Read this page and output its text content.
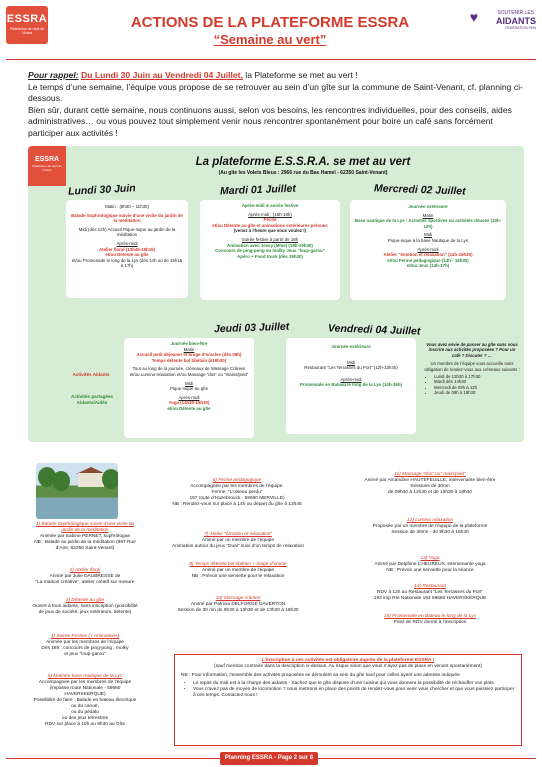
ESSRA
Plateforme de répit de l'Artois
ACTIONS DE LA PLATEFORME ESSRA
“Semaine au vert”
♥	SOUTENIR LES
AIDANTS
FÉDÉRATION PHN

Pour rappel: Du Lundi 30 Juin au Vendredi 04 Juillet, la Plateforme se met au vert !

Le temps d’une semaine, l’équipe vous propose de se retrouver au sein d’un gîte sur la commune de Saint-Venant, cf. planning ci-dessous.

Bien sûr, durant cette semaine, nous continuons aussi, selon vos besoins, les rencontres individuelles, pour des conseils, aides administratives… ou vous pouvez tout simplement venir nous rencontrer spontanément pour boire un café sans forcément participer aux activités !

ESSRA
Plateforme de répit de l'Artois
La plateforme E.S.S.R.A. se met au vert
(Au gîte les Volets Bleus : 2966 rue du Bas Hamel - 62350 Saint-Venant)
Lundi 30 Juin

Matin : (9h30 – 11h30)

Balade Sophrologique suivie d’une visite du jardin de la méditation

Midi (dès 12h) Accueil Pique-nique au jardin de la méditation

Après-midi

Atelier floral (13h45-15h15)

et/ou Détente au gîte

et/ou Promenade le long de la Lys (dès 14h ou de 15h15 à 17h)

Mardi 01 Juillet

Après-midi & soirée festive

Après-midi : (15h-18h)

Pêche

et/ou Détente au gîte et animations extérieures prévues

(venez à l'heure que vous voulez !)

Soirée festive à partir de 18h

Animation avec Jessy (Mme) (18h-19h30)

Concours de ping-pong ou molky Jeux “loup-garou”

Apéro + Food truck (dès 19h30)

Mercredi 02 Juillet

Journée extérieure

Matin

Base nautique de la Lys : Activités sportives ou activités douces (10h-12h)

Midi

Pique-nique à la base Nautique de la Lys

Après-midi

Atelier “émotion et relaxation” (14h-15h30)

et/ou Ferme pédagogique (14h - 15h30)

et/ou Jeux (14h-17h)

Activités Aidants
Activités partagées Aidants/Aidés
Jeudi 03 Juillet

Journée bien-être

Matin

Accueil petit déjeuner et tirage d’oracles (dès 09h)

Temps détente bol tibétain (à10h30)

Tout au long de la journée, créneaux de Massage Crânien et/ou Lumino-relaxation et/ou Massage “dos” ou “mains/pied”

Midi

Pique-nique au gîte

Après-midi

Yoga (14h30-15h30)

et/ou Détente au gîte

Vendredi 04 Juillet

Journée extérieure

Midi

Restaurant “Les Terrasses du Port” (12h-13h45)

Après-midi

Promenade en Bateau le long de la Lys (14h-16h)

Vous avez envie de passer au gîte sans vous inscrire aux activités proposées ? Pour un café ? Discuter ? …

Un membre de l’équipe vous accueille sans obligation de rendez-vous aux créneaux suivants :

• Lundi de 13h30 à 17h30
• Mardi dès 14h30
• Mercredi de 09h à 12h
• Jeudi de 09h à 18h30
1) Balade Sophrologique suivie d’une visite du jardin de la méditation
Animée par Sabine PERNET, sophrologue
NB : Balade au jardin de la méditation (897 Rue d’Aire, 62350 Saint-Venant)
2) Atelier floral
Animé par Julie DAUBRESSE de
“La maison créative”, atelier créatif sur mesure
3) Détente au gîte
Ouvert à tous aidants, sans inscription (possibilité de jeux de société, jeux extérieurs, détente)
4) Soirée Festive (+ Animations)
Animée par les membres de l’équipe
Dès 18h : concours de ping-pong , molky
et jeux “loup-garou”
5) Matinée base nautique de la Lys
Accompagnée par les membres de l’équipe (impasse route Nationale - 59660 HAVERSKERQUE)
Possibilité de faire : Balade en bateau électrique
ou du canoë,
ou du pédalo
ou des jeux terrestres
RDV sur place à 10h ou 9h30 au Gîte
6) Ferme pédagogique
Accompagnée par les membres de l’équipe.
Ferme: “L’oiseau perdu”
167 route d’Hazebrouck - 59660 MERVILLE)
NB : Rendez-vous sur place à 14h ou départ du gîte à 13h45
7) Atelier “émotion et relaxation”
Animé par un membre de l’équipe
Animation autour du jeux “Dual” suivi d’un temps de relaxation
8) Temps détente bol tibétain + tirage d’oracle
Animé par un membre de l’équipe
NB : Prévoir une serviette pour le relaxation
10) Massage crânien
Animé par Patricia DELFORGE DAVERTON
Session de 30 mn de 9h30 à 13h30 et de 13h30 à 18h30
11) Massage “dos” ou” main/pied”
Animé par Amandine HAUTEFEUILLE, intervenante bien-être
Sessions de 30mn
de 09h30 à 12h30 et de 13h30 à 18h30
12) Lumino relaxation
Proposée par un membre de l’équipe de la plateforme
Session de 30mn - de 9h30 à 18h30
13) Yoga
Animé par Delphine L’HEUREUX, intervenante yoga
NB : Prévoir une serviette pour la séance
14) Restaurant
RDV à 12h au Restaurant “Les Terrasses du Port”
193 imp Rte Nationale 193 59660 HAVERSKERQUE
15) Promenade en Bateau le long de la Lys
Point de RDV donné à l’inscription
L’inscription à ces activités est obligatoire auprès de la plateforme ESSRA !
(sauf mention contraire dans la description ci-dessus. Au risque sinon que vous n’ayez pas de place en venant spontanément)
NB : Pour information, l’ensemble des activités proposées se déroulent au sein du gîte sauf pour celles ayant une adresse indiquée.
• Le repas du midi est à la charge des aidants - Sachez que le gîte dispose d’une cuisine qui vous donnera la possibilité de réchauffer vos plats.
• Vous n’avez pas de moyen de locomotion ? nous mettrons en place des points de rendez-vous pour venir vous chercher et que vous puissiez participer à ces temps. Contactez nous !
Planning ESSRA - Page 2 sur 8
